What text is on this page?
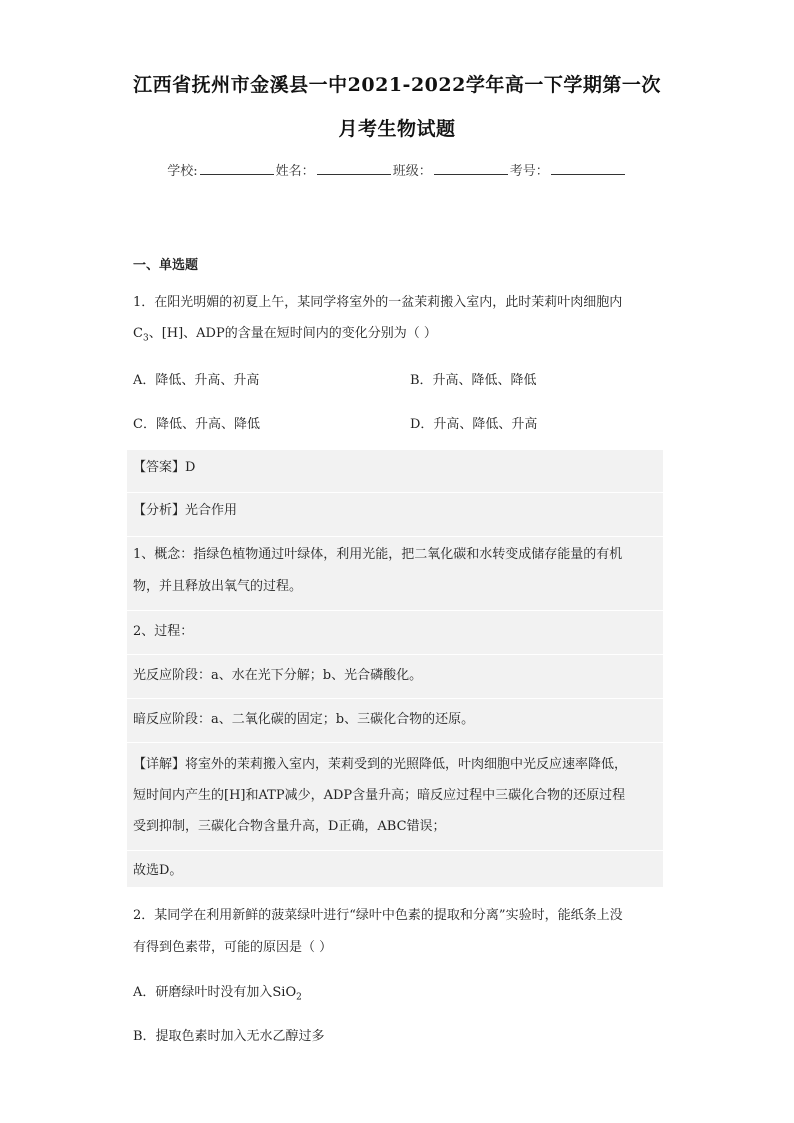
江西省抚州市金溪县一中2021-2022学年高一下学期第一次
月考生物试题
学校:	姓名：	班级：	考号：
一、单选题
1．在阳光明媚的初夏上午，某同学将室外的一盆茉莉搬入室内，此时茉莉叶肉细胞内
$C_3$、[H]、ADP的含量在短时间内的变化分别为（ ）
A．降低、升高、升高	B．升高、降低、降低
C．降低、升高、降低	D．升高、降低、升高
【答案】D
【分析】光合作用
1、概念：指绿色植物通过叶绿体，利用光能，把二氧化碳和水转变成储存能量的有机
物，并且释放出氧气的过程。
2、过程：
光反应阶段：a、水在光下分解；b、光合磷酸化。
暗反应阶段：a、二氧化碳的固定；b、三碳化合物的还原。
【详解】将室外的茉莉搬入室内，茉莉受到的光照降低，叶肉细胞中光反应速率降低，
短时间内产生的[H]和ATP减少，ADP含量升高；暗反应过程中三碳化合物的还原过程
受到抑制，三碳化合物含量升高，D正确，ABC错误；
故选D。
2．某同学在利用新鲜的菠菜绿叶进行“绿叶中色素的提取和分离”实验时，能纸条上没
有得到色素带，可能的原因是（ ）
A．研磨绿叶时没有加入SiO$_2$
B．提取色素时加入无水乙醇过多
